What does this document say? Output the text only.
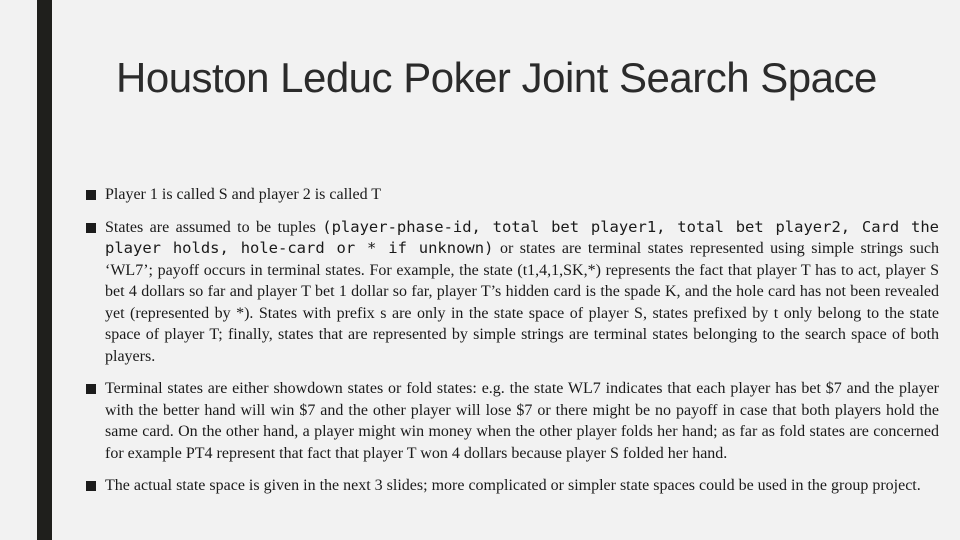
Houston Leduc Poker Joint Search Space
Player 1 is called S and player 2 is called T
States are assumed to be tuples (player-phase-id, total bet player1, total bet player2, Card the player holds, hole-card or * if unknown) or states are terminal states represented using simple strings such ‘WL7’; payoff occurs in terminal states. For example, the state (t1,4,1,SK,*) represents the fact that player T has to act, player S bet 4 dollars so far and player T bet 1 dollar so far, player T’s hidden card is the spade K, and the hole card has not been revealed yet (represented by *). States with prefix s are only in the state space of player S, states prefixed by t only belong to the state space of player T; finally, states that are represented by simple strings are terminal states belonging to the search space of both players.
Terminal states are either showdown states or fold states: e.g. the state WL7 indicates that each player has bet $7 and the player with the better hand will win $7 and the other player will lose $7 or there might be no payoff in case that both players hold the same card. On the other hand, a player might win money when the other player folds her hand; as far as fold states are concerned for example PT4 represent that fact that player T won 4 dollars because player S folded her hand.
The actual state space is given in the next 3 slides; more complicated or simpler state spaces could be used in the group project.
